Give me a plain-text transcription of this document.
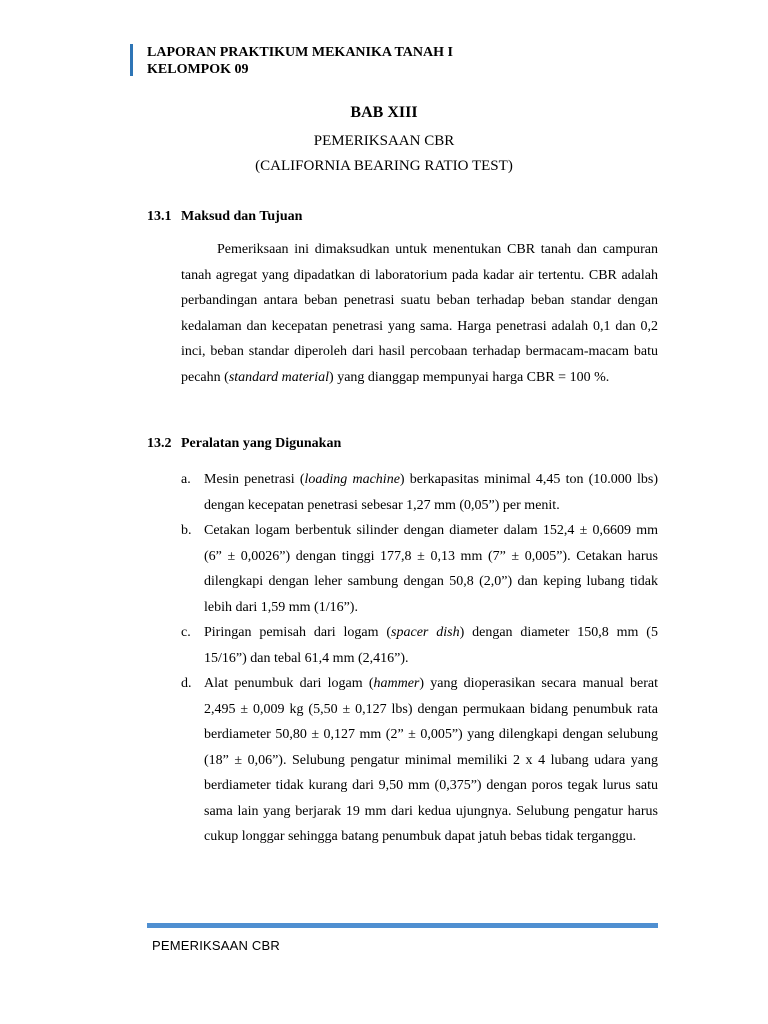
LAPORAN PRAKTIKUM MEKANIKA TANAH I
KELOMPOK 09
BAB XIII
PEMERIKSAAN CBR
(CALIFORNIA BEARING RATIO TEST)
13.1 Maksud dan Tujuan

Pemeriksaan ini dimaksudkan untuk menentukan CBR tanah dan campuran tanah agregat yang dipadatkan di laboratorium pada kadar air tertentu. CBR adalah perbandingan antara beban penetrasi suatu beban terhadap beban standar dengan kedalaman dan kecepatan penetrasi yang sama. Harga penetrasi adalah 0,1 dan 0,2 inci, beban standar diperoleh dari hasil percobaan terhadap bermacam-macam batu pecahn (standard material) yang dianggap mempunyai harga CBR = 100 %.

13.2 Peralatan yang Digunakan
a. Mesin penetrasi (loading machine) berkapasitas minimal 4,45 ton (10.000 lbs) dengan kecepatan penetrasi sebesar 1,27 mm (0,05”) per menit.
b. Cetakan logam berbentuk silinder dengan diameter dalam 152,4 ± 0,6609 mm (6” ± 0,0026”) dengan tinggi 177,8 ± 0,13 mm (7” ± 0,005”). Cetakan harus dilengkapi dengan leher sambung dengan 50,8 (2,0”) dan keping lubang tidak lebih dari 1,59 mm (1/16”).
c. Piringan pemisah dari logam (spacer dish) dengan diameter 150,8 mm (5 15/16”) dan tebal 61,4 mm (2,416”).
d. Alat penumbuk dari logam (hammer) yang dioperasikan secara manual berat 2,495 ± 0,009 kg (5,50 ± 0,127 lbs) dengan permukaan bidang penumbuk rata berdiameter 50,80 ± 0,127 mm (2” ± 0,005”) yang dilengkapi dengan selubung (18” ± 0,06”). Selubung pengatur minimal memiliki 2 x 4 lubang udara yang berdiameter tidak kurang dari 9,50 mm (0,375”) dengan poros tegak lurus satu sama lain yang berjarak 19 mm dari kedua ujungnya. Selubung pengatur harus cukup longgar sehingga batang penumbuk dapat jatuh bebas tidak terganggu.
PEMERIKSAAN CBR
